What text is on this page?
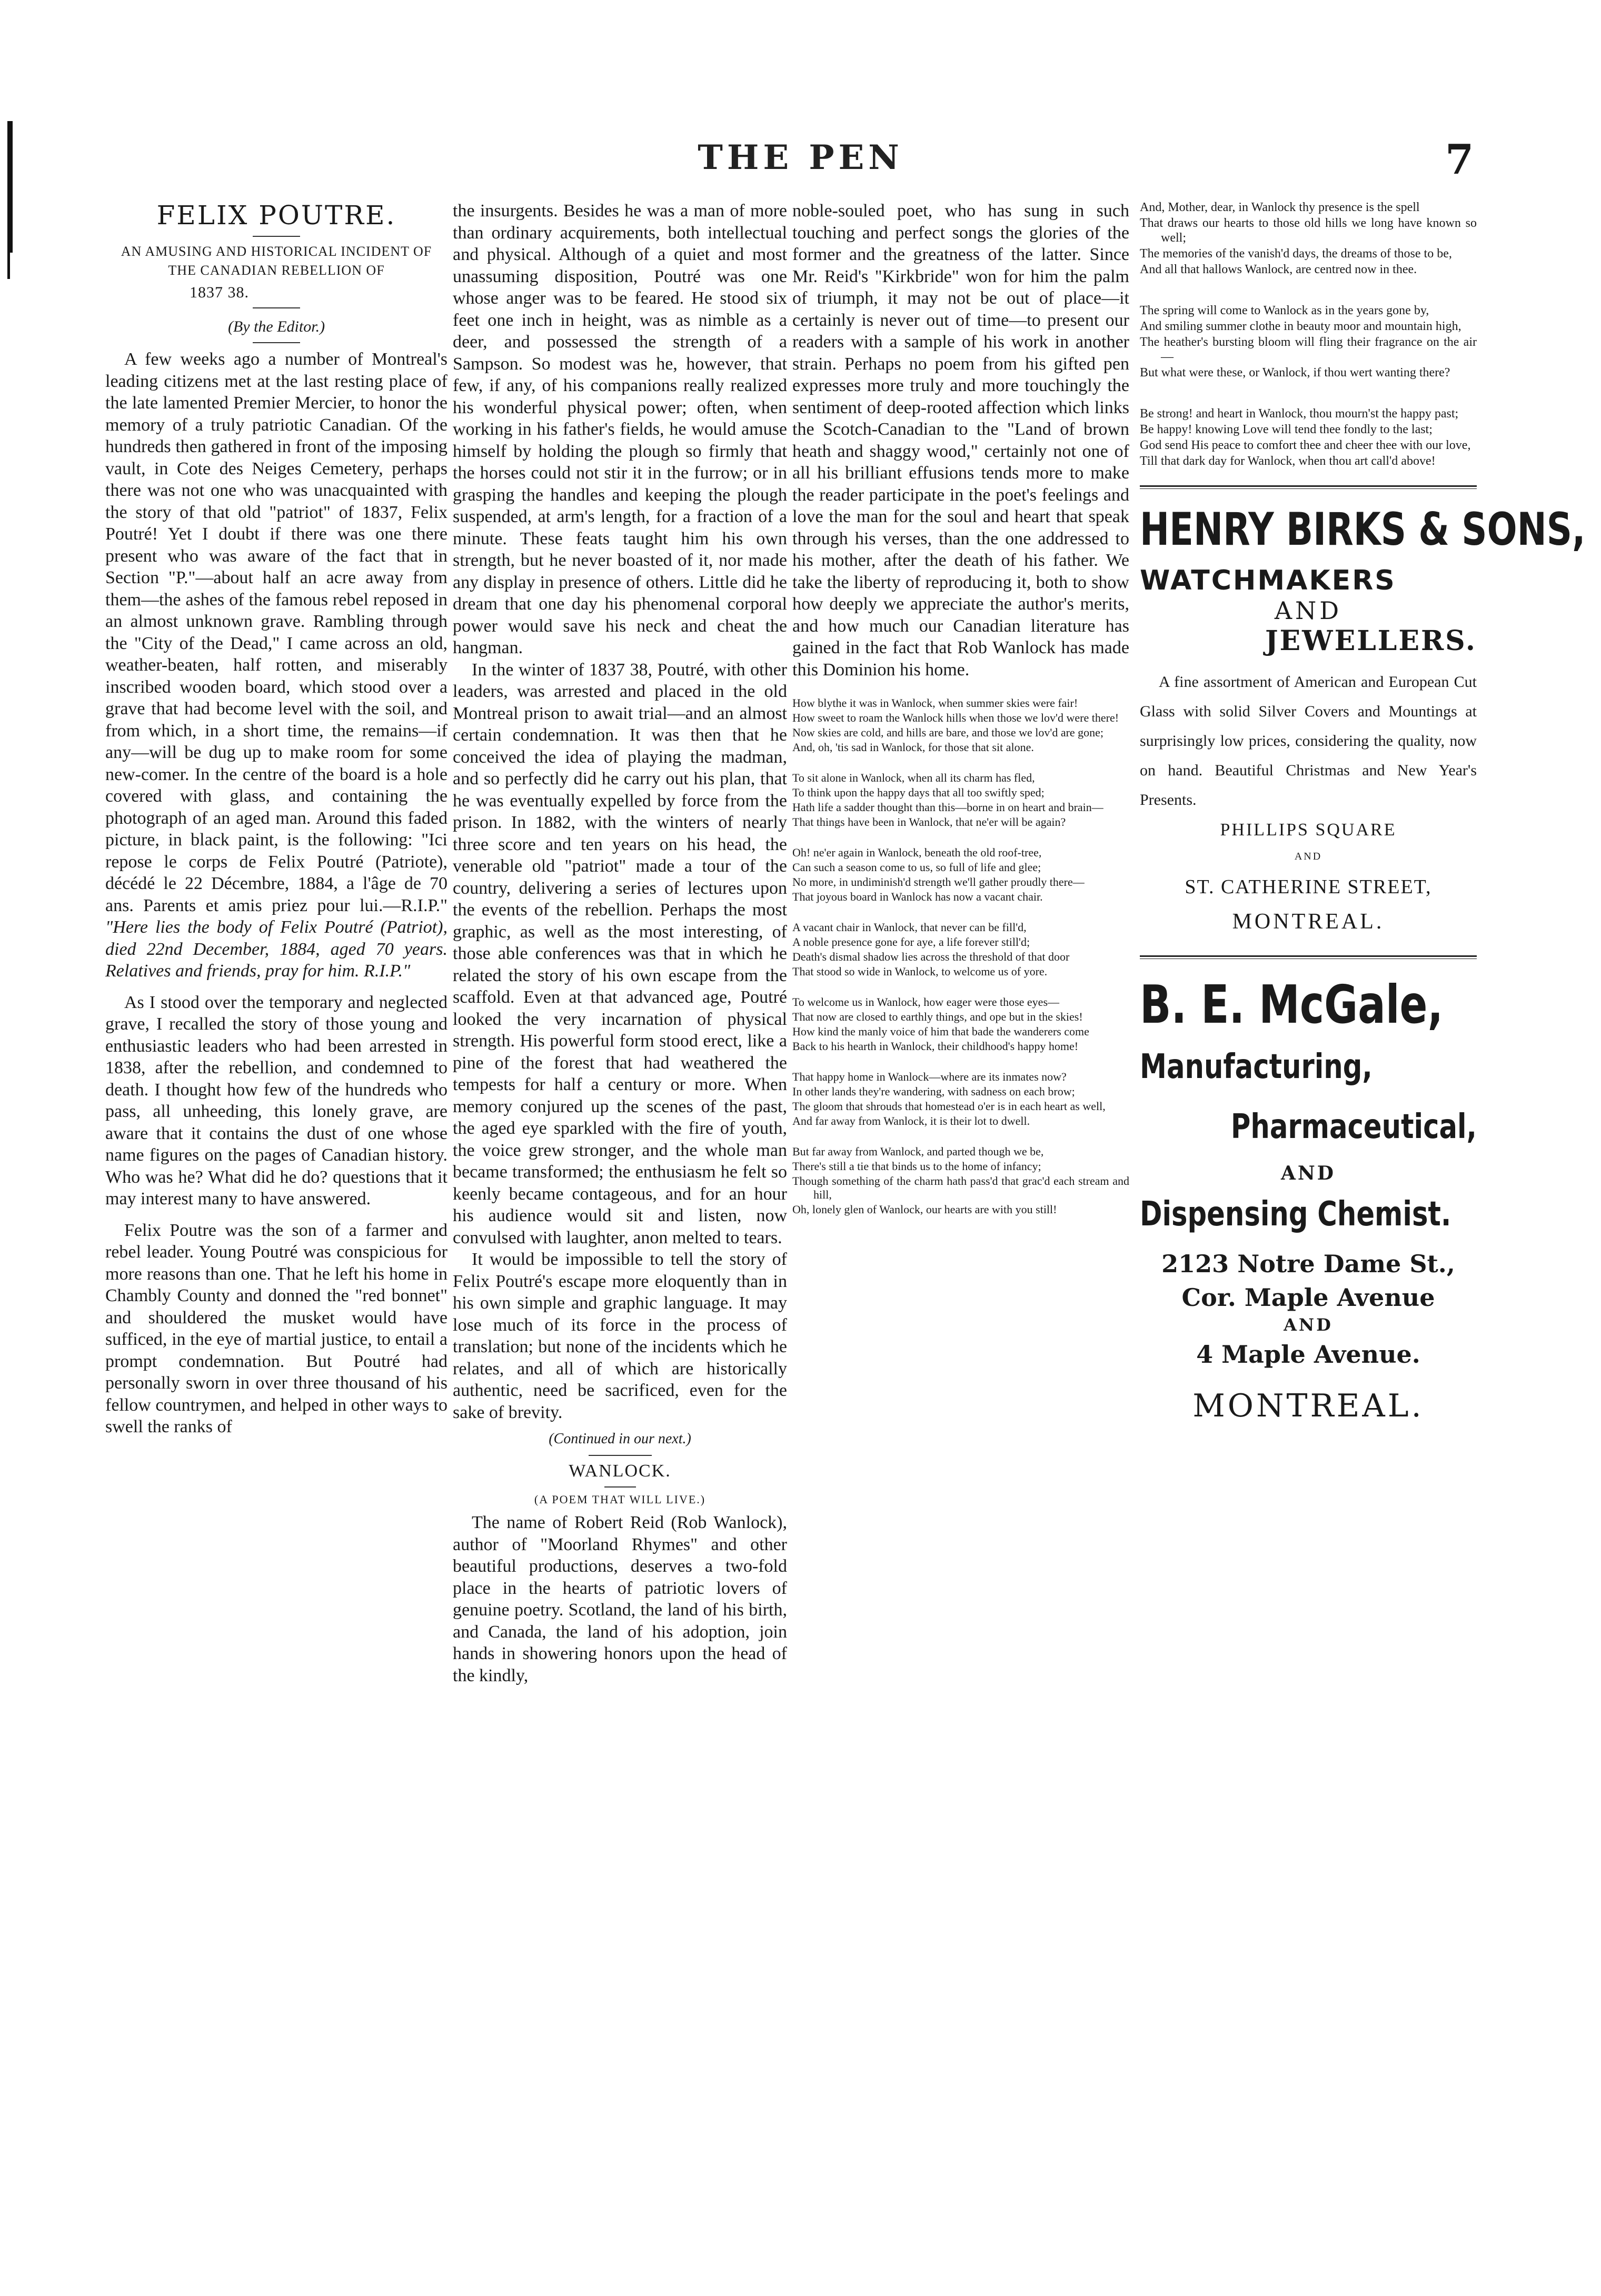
THE PEN	7
FELIX POUTRE.

AN AMUSING AND HISTORICAL INCIDENT OF THE CANADIAN REBELLION OF

1837 38.

(By the Editor.)

A few weeks ago a number of Montreal's leading citizens met at the last resting place of the late lamented Premier Mercier, to honor the memory of a truly patriotic Canadian. Of the hundreds then gathered in front of the imposing vault, in Cote des Neiges Cemetery, perhaps there was not one who was unacquainted with the story of that old "patriot" of 1837, Felix Poutré! Yet I doubt if there was one there present who was aware of the fact that in Section "P."—about half an acre away from them—the ashes of the famous rebel reposed in an almost unknown grave. Rambling through the "City of the Dead," I came across an old, weather-beaten, half rotten, and miserably inscribed wooden board, which stood over a grave that had become level with the soil, and from which, in a short time, the remains—if any—will be dug up to make room for some new-comer. In the centre of the board is a hole covered with glass, and containing the photograph of an aged man. Around this faded picture, in black paint, is the following: "Ici repose le corps de Felix Poutré (Patriote), décédé le 22 Décembre, 1884, a l'âge de 70 ans. Parents et amis priez pour lui.—R.I.P." "Here lies the body of Felix Poutré (Patriot), died 22nd December, 1884, aged 70 years. Relatives and friends, pray for him. R.I.P."

As I stood over the temporary and neglected grave, I recalled the story of those young and enthusiastic leaders who had been arrested in 1838, after the rebellion, and condemned to death. I thought how few of the hundreds who pass, all unheeding, this lonely grave, are aware that it contains the dust of one whose name figures on the pages of Canadian history. Who was he? What did he do? questions that it may interest many to have answered.

Felix Poutre was the son of a farmer and rebel leader. Young Poutré was conspicious for more reasons than one. That he left his home in Chambly County and donned the "red bonnet" and shouldered the musket would have sufficed, in the eye of martial justice, to entail a prompt condemnation. But Poutré had personally sworn in over three thousand of his fellow countrymen, and helped in other ways to swell the ranks of

the insurgents. Besides he was a man of more than ordinary acquirements, both intellectual and physical. Although of a quiet and most unassuming disposition, Poutré was one whose anger was to be feared. He stood six feet one inch in height, was as nimble as a deer, and possessed the strength of a Sampson. So modest was he, however, that few, if any, of his companions really realized his wonderful physical power; often, when working in his father's fields, he would amuse himself by holding the plough so firmly that the horses could not stir it in the furrow; or in grasping the handles and keeping the plough suspended, at arm's length, for a fraction of a minute. These feats taught him his own strength, but he never boasted of it, nor made any display in presence of others. Little did he dream that one day his phenomenal corporal power would save his neck and cheat the hangman.

In the winter of 1837 38, Poutré, with other leaders, was arrested and placed in the old Montreal prison to await trial—and an almost certain condemnation. It was then that he conceived the idea of playing the madman, and so perfectly did he carry out his plan, that he was eventually expelled by force from the prison. In 1882, with the winters of nearly three score and ten years on his head, the venerable old "patriot" made a tour of the country, delivering a series of lectures upon the events of the rebellion. Perhaps the most graphic, as well as the most interesting, of those able conferences was that in which he related the story of his own escape from the scaffold. Even at that advanced age, Poutré looked the very incarnation of physical strength. His powerful form stood erect, like a pine of the forest that had weathered the tempests for half a century or more. When memory conjured up the scenes of the past, the aged eye sparkled with the fire of youth, the voice grew stronger, and the whole man became transformed; the enthusiasm he felt so keenly became contageous, and for an hour his audience would sit and listen, now convulsed with laughter, anon melted to tears.

It would be impossible to tell the story of Felix Poutré's escape more eloquently than in his own simple and graphic language. It may lose much of its force in the process of translation; but none of the incidents which he relates, and all of which are historically authentic, need be sacrificed, even for the sake of brevity.

(Continued in our next.)

WANLOCK.

(A POEM THAT WILL LIVE.)

The name of Robert Reid (Rob Wanlock), author of "Moorland Rhymes" and other beautiful productions, deserves a two-fold place in the hearts of patriotic lovers of genuine poetry. Scotland, the land of his birth, and Canada, the land of his adoption, join hands in showering honors upon the head of the kindly,

noble-souled poet, who has sung in such touching and perfect songs the glories of the former and the greatness of the latter. Since Mr. Reid's "Kirkbride" won for him the palm of triumph, it may not be out of place—it certainly is never out of time—to present our readers with a sample of his work in another strain. Perhaps no poem from his gifted pen expresses more truly and more touchingly the sentiment of deep-rooted affection which links the Scotch-Canadian to the "Land of brown heath and shaggy wood," certainly not one of all his brilliant effusions tends more to make the reader participate in the poet's feelings and love the man for the soul and heart that speak through his verses, than the one addressed to his mother, after the death of his father. We take the liberty of reproducing it, both to show how deeply we appreciate the author's merits, and how much our Canadian literature has gained in the fact that Rob Wanlock has made this Dominion his home.

How blythe it was in Wanlock, when summer skies were fair!

How sweet to roam the Wanlock hills when those we lov'd were there!

Now skies are cold, and hills are bare, and those we lov'd are gone;

And, oh, 'tis sad in Wanlock, for those that sit alone.

To sit alone in Wanlock, when all its charm has fled,

To think upon the happy days that all too swiftly sped;

Hath life a sadder thought than this—borne in on heart and brain—

That things have been in Wanlock, that ne'er will be again?

Oh! ne'er again in Wanlock, beneath the old roof-tree,

Can such a season come to us, so full of life and glee;

No more, in undiminish'd strength we'll gather proudly there—

That joyous board in Wanlock has now a vacant chair.

A vacant chair in Wanlock, that never can be fill'd,

A noble presence gone for aye, a life forever still'd;

Death's dismal shadow lies across the threshold of that door

That stood so wide in Wanlock, to welcome us of yore.

To welcome us in Wanlock, how eager were those eyes—

That now are closed to earthly things, and ope but in the skies!

How kind the manly voice of him that bade the wanderers come

Back to his hearth in Wanlock, their childhood's happy home!

That happy home in Wanlock—where are its inmates now?

In other lands they're wandering, with sadness on each brow;

The gloom that shrouds that homestead o'er is in each heart as well,

And far away from Wanlock, it is their lot to dwell.

But far away from Wanlock, and parted though we be,

There's still a tie that binds us to the home of infancy;

Though something of the charm hath pass'd that grac'd each stream and hill,

Oh, lonely glen of Wanlock, our hearts are with you still!

And, Mother, dear, in Wanlock thy presence is the spell

That draws our hearts to those old hills we long have known so well;

The memories of the vanish'd days, the dreams of those to be,

And all that hallows Wanlock, are centred now in thee.

The spring will come to Wanlock as in the years gone by,

And smiling summer clothe in beauty moor and mountain high,

The heather's bursting bloom will fling their fragrance on the air—

But what were these, or Wanlock, if thou wert wanting there?

Be strong! and heart in Wanlock, thou mourn'st the happy past;

Be happy! knowing Love will tend thee fondly to the last;

God send His peace to comfort thee and cheer thee with our love,

Till that dark day for Wanlock, when thou art call'd above!

HENRY BIRKS & SONS,

WATCHMAKERS

AND

JEWELLERS.

A fine assortment of American and European Cut Glass with solid Silver Covers and Mountings at surprisingly low prices, considering the quality, now on hand. Beautiful Christmas and New Year's Presents.

PHILLIPS SQUARE

AND

ST. CATHERINE STREET,

MONTREAL.

B. E. McGale,

Manufacturing,

Pharmaceutical,

AND

Dispensing Chemist.

2123 Notre Dame St.,

Cor. Maple Avenue

AND

4 Maple Avenue.

MONTREAL.
